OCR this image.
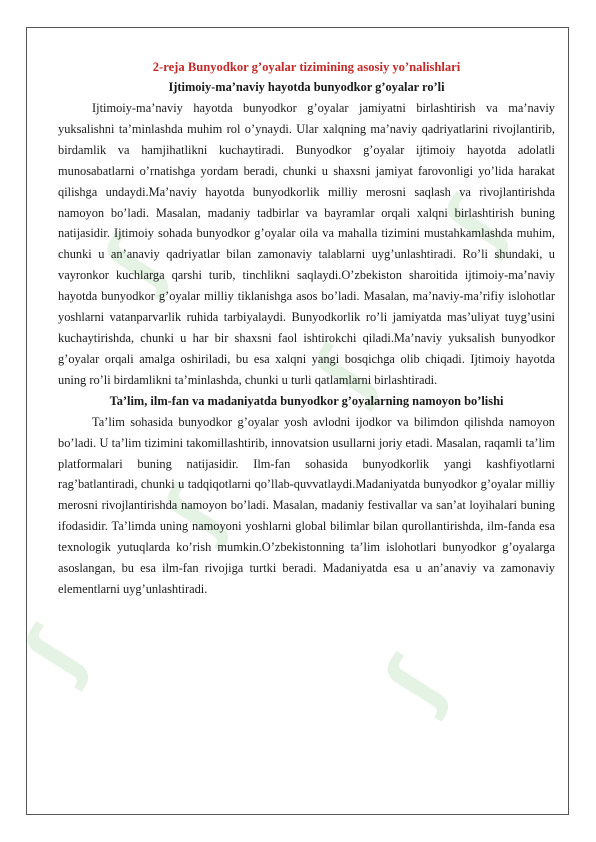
ʃ
ʃ
ʃ
ʃ
ʃ
ʃ
2-reja Bunyodkor g’oyalar tizimining asosiy yo’nalishlari
Ijtimoiy-ma’naviy hayotda bunyodkor g’oyalar ro’li

Ijtimoiy-ma’naviy hayotda bunyodkor g’oyalar jamiyatni birlashtirish va ma’naviy yuksalishni ta’minlashda muhim rol o’ynaydi. Ular xalqning ma’naviy qadriyatlarini rivojlantirib, birdamlik va hamjihatlikni kuchaytiradi. Bunyodkor g’oyalar ijtimoiy hayotda adolatli munosabatlarni o’rnatishga yordam beradi, chunki u shaxsni jamiyat farovonligi yo’lida harakat qilishga undaydi.Ma’naviy hayotda bunyodkorlik milliy merosni saqlash va rivojlantirishda namoyon bo’ladi. Masalan, madaniy tadbirlar va bayramlar orqali xalqni birlashtirish buning natijasidir. Ijtimoiy sohada bunyodkor g’oyalar oila va mahalla tizimini mustahkamlashda muhim, chunki u an’anaviy qadriyatlar bilan zamonaviy talablarni uyg’unlashtiradi. Ro’li shundaki, u vayronkor kuchlarga qarshi turib, tinchlikni saqlaydi.O’zbekiston sharoitida ijtimoiy-ma’naviy hayotda bunyodkor g’oyalar milliy tiklanishga asos bo’ladi. Masalan, ma’naviy-ma’rifiy islohotlar yoshlarni vatanparvarlik ruhida tarbiyalaydi. Bunyodkorlik ro’li jamiyatda mas’uliyat tuyg’usini kuchaytirishda, chunki u har bir shaxsni faol ishtirokchi qiladi.Ma’naviy yuksalish bunyodkor g’oyalar orqali amalga oshiriladi, bu esa xalqni yangi bosqichga olib chiqadi. Ijtimoiy hayotda uning ro’li birdamlikni ta’minlashda, chunki u turli qatlamlarni birlashtiradi.

Ta’lim, ilm-fan va madaniyatda bunyodkor g’oyalarning namoyon bo’lishi

Ta’lim sohasida bunyodkor g’oyalar yosh avlodni ijodkor va bilimdon qilishda namoyon bo’ladi. U ta’lim tizimini takomillashtirib, innovatsion usullarni joriy etadi. Masalan, raqamli ta’lim platformalari buning natijasidir. Ilm-fan sohasida bunyodkorlik yangi kashfiyotlarni rag’batlantiradi, chunki u tadqiqotlarni qo’llab-quvvatlaydi.Madaniyatda bunyodkor g’oyalar milliy merosni rivojlantirishda namoyon bo’ladi. Masalan, madaniy festivallar va san’at loyihalari buning ifodasidir. Ta’limda uning namoyoni yoshlarni global bilimlar bilan qurollantirishda, ilm-fanda esa texnologik yutuqlarda ko’rish mumkin.O’zbekistonning ta’lim islohotlari bunyodkor g’oyalarga asoslangan, bu esa ilm-fan rivojiga turtki beradi. Madaniyatda esa u an’anaviy va zamonaviy elementlarni uyg’unlashtiradi.
